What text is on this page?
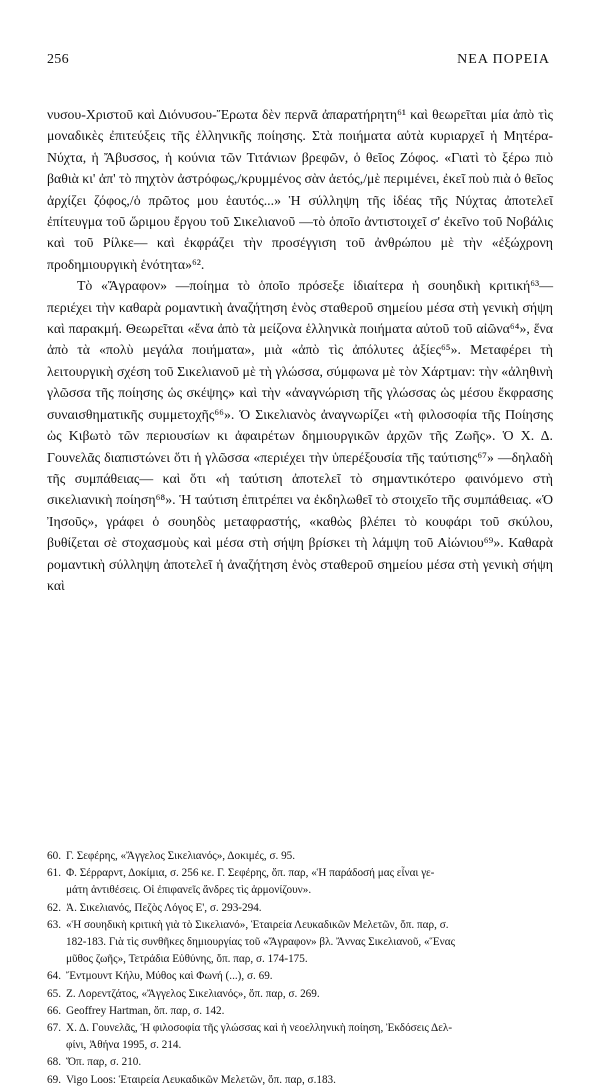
256	ΝΕΑ ΠΟΡΕΙΑ

νυσου-Χριστοῦ καὶ Διόνυσου-Ἔρωτα δὲν περνᾶ ἀπαρατήρητη⁶¹ καὶ θεωρεῖται μία ἀπὸ τὶς μοναδικὲς ἐπιτεύξεις τῆς ἑλληνικῆς ποίησης. Στὰ ποιήματα αὐτὰ κυριαρχεῖ ἡ Μητέρα-Νύχτα, ἡ Ἄβυσσος, ἡ κούνια τῶν Τιτάνιων βρεφῶν, ὁ θεῖος Ζόφος. «Γιατὶ τὸ ξέρω πιὸ βαθιὰ κι' ἀπ' τὸ πηχτὸν ἀστρόφως,/κρυμμένος σὰν ἀετός,/μὲ περιμένει, ἐκεῖ ποὺ πιὰ ὁ θεῖος ἀρχίζει ζόφος,/ὁ πρῶτος μου ἑαυτός...» Ἡ σύλληψη τῆς ἰδέας τῆς Νύχτας ἀποτελεῖ ἐπίτευγμα τοῦ ὥριμου ἔργου τοῦ Σικελιανοῦ —τὸ ὁποῖο ἀντιστοιχεῖ σ' ἐκεῖνο τοῦ Νοβάλις καὶ τοῦ Ρίλκε— καὶ ἐκφράζει τὴν προσέγγιση τοῦ ἀνθρώπου μὲ τὴν «ἐξώχρονη προδημιουργικὴ ἑνότητα»⁶².

Τὸ «Ἄγραφον» —ποίημα τὸ ὁποῖο πρόσεξε ἰδιαίτερα ἡ σουηδικὴ κριτική⁶³— περιέχει τὴν καθαρὰ ρομαντικὴ ἀναζήτηση ἑνὸς σταθεροῦ σημείου μέσα στὴ γενικὴ σήψη καὶ παρακμή. Θεωρεῖται «ἕνα ἀπὸ τὰ μείζονα ἑλληνικὰ ποιήματα αὐτοῦ τοῦ αἰῶνα⁶⁴», ἕνα ἀπὸ τὰ «πολὺ μεγάλα ποιήματα», μιὰ «ἀπὸ τὶς ἀπόλυτες ἀξίες⁶⁵». Μεταφέρει τὴ λειτουργικὴ σχέση τοῦ Σικελιανοῦ μὲ τὴ γλώσσα, σύμφωνα μὲ τὸν Χάρτμαν: τὴν «ἀληθινὴ γλῶσσα τῆς ποίησης ὡς σκέψης» καὶ τὴν «ἀναγνώριση τῆς γλώσσας ὡς μέσου ἔκφρασης συναισθηματικῆς συμμετοχῆς⁶⁶». Ὁ Σικελιανὸς ἀναγνωρίζει «τὴ φιλοσοφία τῆς Ποίησης ὡς Κιβωτὸ τῶν περιουσίων κι ἀφαιρέτων δημιουργικῶν ἀρχῶν τῆς Ζωῆς». Ὁ Χ. Δ. Γουνελᾶς διαπιστώνει ὅτι ἡ γλῶσσα «περιέχει τὴν ὑπερέξουσία τῆς ταύτισης⁶⁷» —δηλαδὴ τῆς συμπάθειας— καὶ ὅτι «ἡ ταύτιση ἀποτελεῖ τὸ σημαντικότερο φαινόμενο στὴ σικελιανικὴ ποίηση⁶⁸». Ἡ ταύτιση ἐπιτρέπει να ἐκδηλωθεῖ τὸ στοιχεῖο τῆς συμπάθειας. «Ὁ Ἰησοῦς», γράφει ὁ σουηδὸς μεταφραστής, «καθὼς βλέπει τὸ κουφάρι τοῦ σκύλου, βυθίζεται σὲ στοχασμοὺς καὶ μέσα στὴ σήψη βρίσκει τὴ λάμψη τοῦ Αἰώνιου⁶⁹». Καθαρὰ ρομαντικὴ σύλληψη ἀποτελεῖ ἡ ἀναζήτηση ἑνὸς σταθεροῦ σημείου μέσα στὴ γενικὴ σήψη καὶ

60. Γ. Σεφέρης, «Ἄγγελος Σικελιανός», Δοκιμές, σ. 95.
61. Φ. Σέρραρντ, Δοκίμια, σ. 256 κε. Γ. Σεφέρης, ὅπ. παρ, «Ἡ παράδοσή μας εἶναι γε-
μάτη ἀντιθέσεις. Οἱ ἐπιφανεῖς ἄνδρες τὶς ἁρμονίζουν».
62. Ἀ. Σικελιανός, Πεζὸς Λόγος Ε', σ. 293-294.
63. «Ἡ σουηδικὴ κριτικὴ γιὰ τὸ Σικελιανό», Ἑταιρεία Λευκαδικῶν Μελετῶν, ὅπ. παρ, σ.
182-183. Γιὰ τὶς συνθῆκες δημιουργίας τοῦ «Ἄγραφον» βλ. Ἄννας Σικελιανοῦ, «Ἕνας
μῦθος ζωῆς», Τετράδια Εὐθύνης, ὅπ. παρ, σ. 174-175.
64. Ἔντμουντ Κήλυ, Μύθος καὶ Φωνή (...), σ. 69.
65. Ζ. Λορεντζάτος, «Ἄγγελος Σικελιανός», ὅπ. παρ, σ. 269.
66. Geoffrey Hartman, ὅπ. παρ, σ. 142.
67. Χ. Δ. Γουνελᾶς, Ἡ φιλοσοφία τῆς γλώσσας καὶ ἡ νεοελληνικὴ ποίηση, Ἐκδόσεις Δελ-
φίνι, Ἀθήνα 1995, σ. 214.
68. Ὅπ. παρ, σ. 210.
69. Vigo Loos: Ἑταιρεία Λευκαδικῶν Μελετῶν, ὅπ. παρ, σ.183.
